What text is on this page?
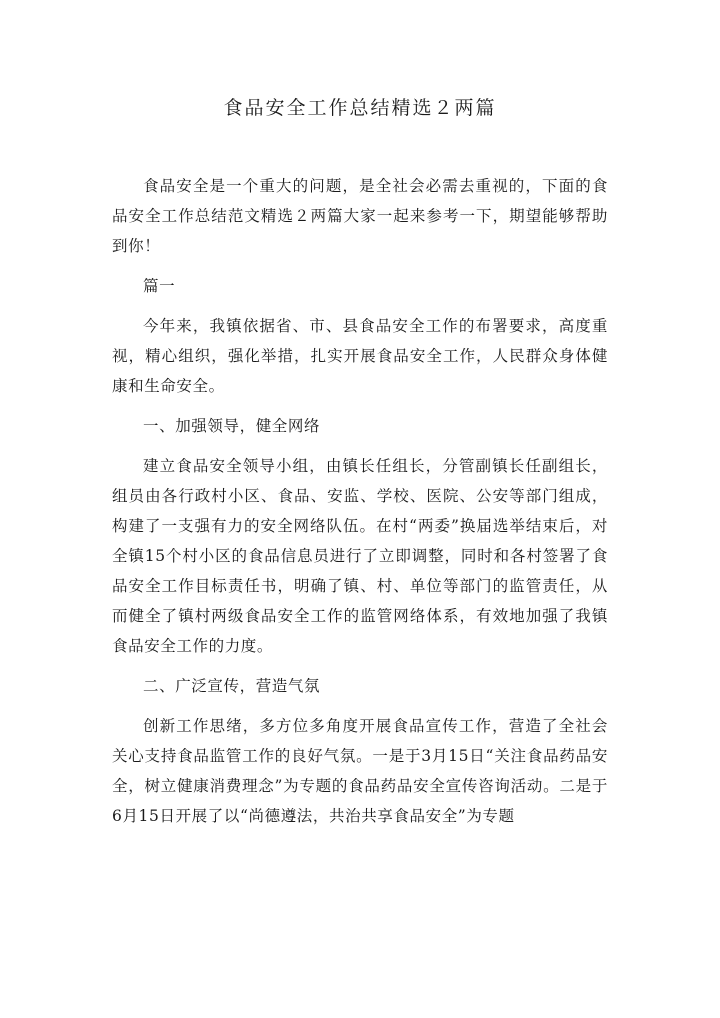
食品安全工作总结精选２两篇

食品安全是一个重大的问题，是全社会必需去重视的，下面的食品安全工作总结范文精选２两篇大家一起来参考一下，期望能够帮助到你！

篇一

今年来，我镇依据省、市、县食品安全工作的布署要求，高度重视，精心组织，强化举措，扎实开展食品安全工作，人民群众身体健康和生命安全。

一、加强领导，健全网络

建立食品安全领导小组，由镇长任组长，分管副镇长任副组长，组员由各行政村小区、食品、安监、学校、医院、公安等部门组成，构建了一支强有力的安全网络队伍。在村“两委”换届选举结束后，对全镇15个村小区的食品信息员进行了立即调整，同时和各村签署了食品安全工作目标责任书，明确了镇、村、单位等部门的监管责任，从而健全了镇村两级食品安全工作的监管网络体系，有效地加强了我镇食品安全工作的力度。

二、广泛宣传，营造气氛

创新工作思绪，多方位多角度开展食品宣传工作，营造了全社会关心支持食品监管工作的良好气氛。一是于3月15日“关注食品药品安全，树立健康消费理念”为专题的食品药品安全宣传咨询活动。二是于6月15日开展了以“尚德遵法，共治共享食品安全”为专题
